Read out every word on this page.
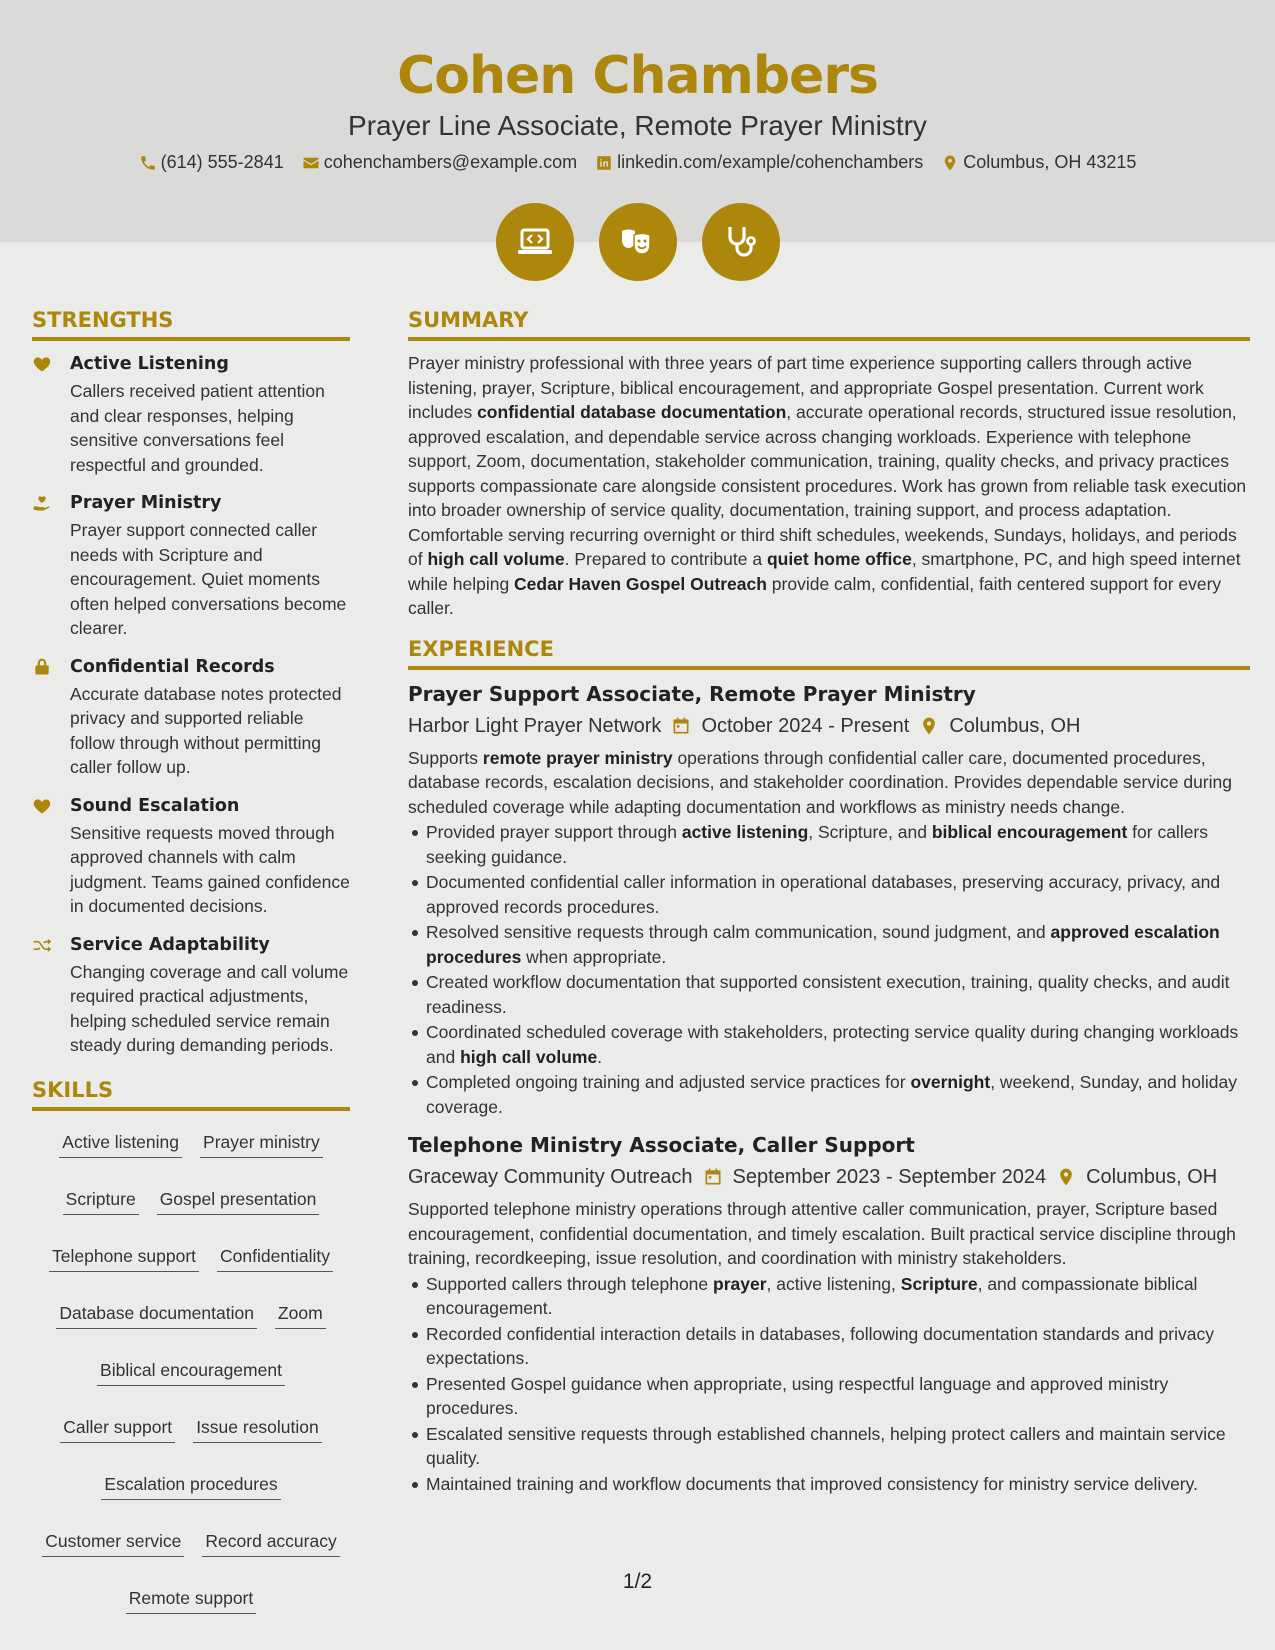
Cohen Chambers
Prayer Line Associate, Remote Prayer Ministry
(614) 555-2841 cohenchambers@example.com linkedin.com/example/cohenchambers Columbus, OH 43215
STRENGTHS
Active Listening
Callers received patient attention and clear responses, helping sensitive conversations feel respectful and grounded.
Prayer Ministry
Prayer support connected caller needs with Scripture and encouragement. Quiet moments often helped conversations become clearer.
Confidential Records
Accurate database notes protected privacy and supported reliable follow through without permitting caller follow up.
Sound Escalation
Sensitive requests moved through approved channels with calm judgment. Teams gained confidence in documented decisions.
Service Adaptability
Changing coverage and call volume required practical adjustments, helping scheduled service remain steady during demanding periods.
SKILLS
Active listening Prayer ministry
Scripture Gospel presentation
Telephone support Confidentiality
Database documentation Zoom
Biblical encouragement
Caller support Issue resolution
Escalation procedures
Customer service Record accuracy
Remote support
SUMMARY
Prayer ministry professional with three years of part time experience supporting callers through active listening, prayer, Scripture, biblical encouragement, and appropriate Gospel presentation. Current work includes confidential database documentation, accurate operational records, structured issue resolution, approved escalation, and dependable service across changing workloads. Experience with telephone support, Zoom, documentation, stakeholder communication, training, quality checks, and privacy practices supports compassionate care alongside consistent procedures. Work has grown from reliable task execution into broader ownership of service quality, documentation, training support, and process adaptation. Comfortable serving recurring overnight or third shift schedules, weekends, Sundays, holidays, and periods of high call volume. Prepared to contribute a quiet home office, smartphone, PC, and high speed internet while helping Cedar Haven Gospel Outreach provide calm, confidential, faith centered support for every caller.
EXPERIENCE
Prayer Support Associate, Remote Prayer Ministry
Harbor Light Prayer Network October 2024 - Present Columbus, OH
Supports remote prayer ministry operations through confidential caller care, documented procedures, database records, escalation decisions, and stakeholder coordination. Provides dependable service during scheduled coverage while adapting documentation and workflows as ministry needs change.
Provided prayer support through active listening, Scripture, and biblical encouragement for callers seeking guidance.
Documented confidential caller information in operational databases, preserving accuracy, privacy, and approved records procedures.
Resolved sensitive requests through calm communication, sound judgment, and approved escalation procedures when appropriate.
Created workflow documentation that supported consistent execution, training, quality checks, and audit readiness.
Coordinated scheduled coverage with stakeholders, protecting service quality during changing workloads and high call volume.
Completed ongoing training and adjusted service practices for overnight, weekend, Sunday, and holiday coverage.
Telephone Ministry Associate, Caller Support
Graceway Community Outreach September 2023 - September 2024 Columbus, OH
Supported telephone ministry operations through attentive caller communication, prayer, Scripture based encouragement, confidential documentation, and timely escalation. Built practical service discipline through training, recordkeeping, issue resolution, and coordination with ministry stakeholders.
Supported callers through telephone prayer, active listening, Scripture, and compassionate biblical encouragement.
Recorded confidential interaction details in databases, following documentation standards and privacy expectations.
Presented Gospel guidance when appropriate, using respectful language and approved ministry procedures.
Escalated sensitive requests through established channels, helping protect callers and maintain service quality.
Maintained training and workflow documents that improved consistency for ministry service delivery.
1/2
